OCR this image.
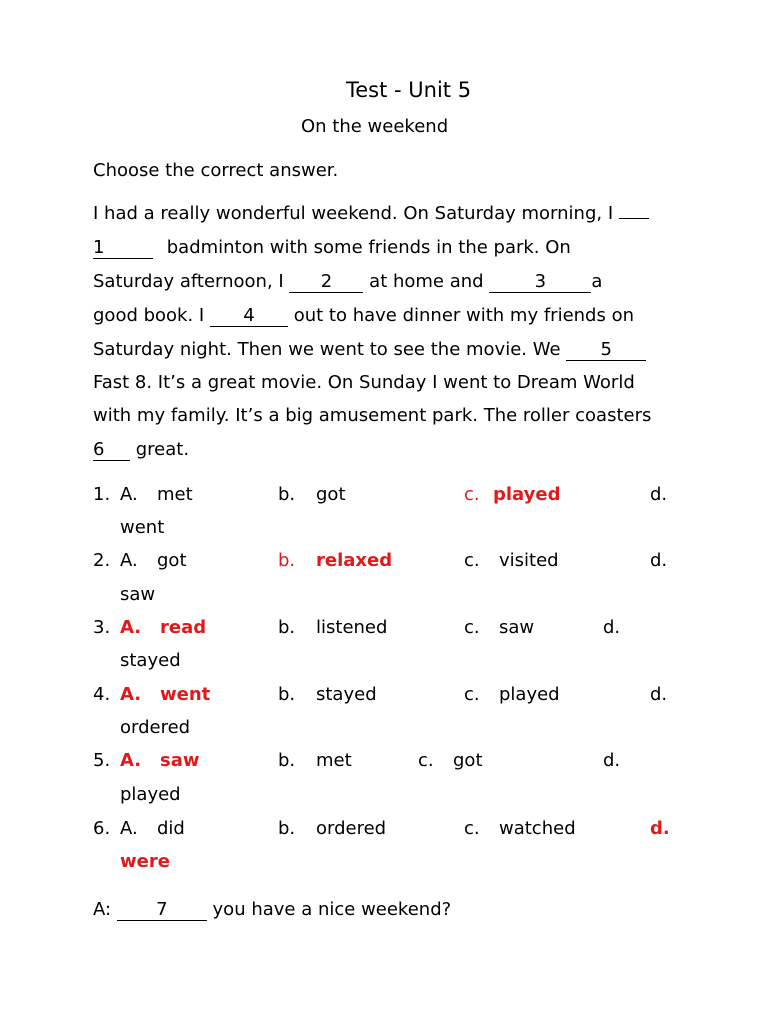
Test - Unit 5
On the weekend
Choose the correct answer.
I had a really wonderful weekend. On Saturday morning, I
1	badminton with some friends in the park. On
Saturday afternoon, I 2 at home and	3	a
good book. I 4 out to have dinner with my friends on
Saturday night. Then we went to see the movie. We 5
Fast 8. It’s a great movie. On Sunday I went to Dream World
with my family. It’s a big amusement park. The roller coasters
6 great.
1. A. met	b. got	c. played	d.
went
2. A. got	b. relaxed	c. visited	d.
saw
3. A. read	b. listened	c. saw	d.
stayed
4. A. went	b. stayed	c. played	d.
ordered
5. A. saw	b. met	c. got	d.
played
6. A. did	b. ordered	c. watched	d.
were
A:	7	you have a nice weekend?
